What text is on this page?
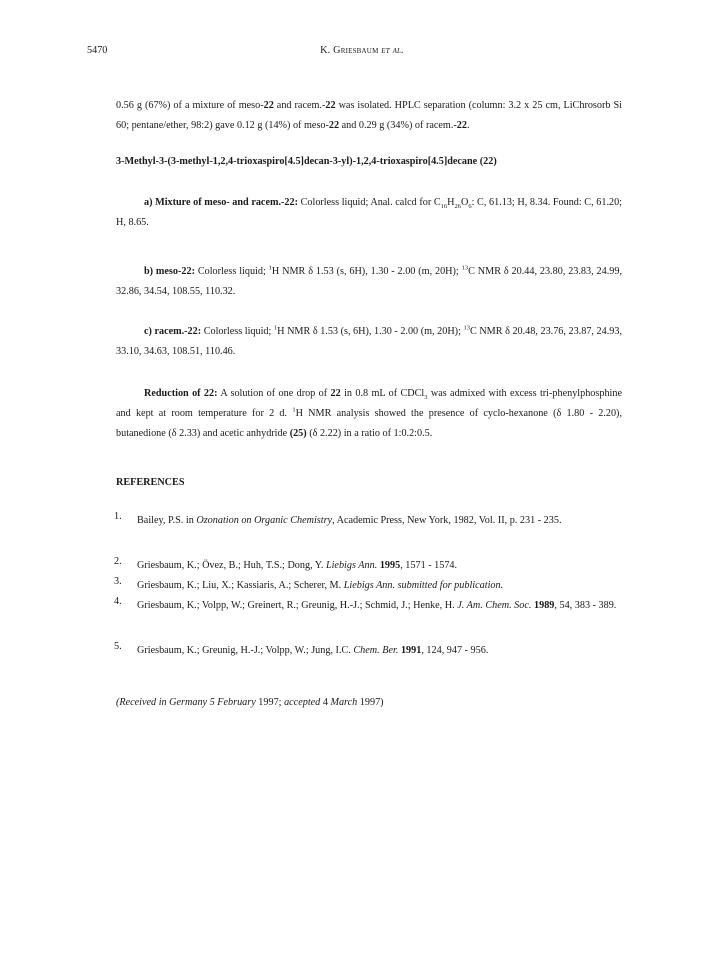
5470	K. Griesbaum et al.

0.56 g (67%) of a mixture of meso-22 and racem.-22 was isolated. HPLC separation (column: 3.2 x 25 cm, LiChrosorb Si 60; pentane/ether, 98:2) gave 0.12 g (14%) of meso-22 and 0.29 g (34%) of racem.-22.

3-Methyl-3-(3-methyl-1,2,4-trioxaspiro[4.5]decan-3-yl)-1,2,4-trioxaspiro[4.5]decane (22)

a) Mixture of meso- and racem.-22: Colorless liquid; Anal. calcd for $C_{16}H_{26}O_6$: C, 61.13; H, 8.34. Found: C, 61.20; H, 8.65.

b) meso-22: Colorless liquid; $^1$H NMR δ 1.53 (s, 6H), 1.30 - 2.00 (m, 20H); $^{13}$C NMR δ 20.44, 23.80, 23.83, 24.99, 32.86, 34.54, 108.55, 110.32.

c) racem.-22: Colorless liquid; $^1$H NMR δ 1.53 (s, 6H), 1.30 - 2.00 (m, 20H); $^{13}$C NMR δ 20.48, 23.76, 23.87, 24.93, 33.10, 34.63, 108.51, 110.46.

Reduction of 22: A solution of one drop of 22 in 0.8 mL of CDCl$_3$ was admixed with excess tri-phenylphosphine and kept at room temperature for 2 d. $^1$H NMR analysis showed the presence of cyclo-hexanone (δ 1.80 - 2.20), butanedione (δ 2.33) and acetic anhydride (25) (δ 2.22) in a ratio of 1:0.2:0.5.

REFERENCES

1.	Bailey, P.S. in Ozonation on Organic Chemistry, Academic Press, New York, 1982, Vol. II, p. 231 - 235.
2.	Griesbaum, K.; Övez, B.; Huh, T.S.; Dong, Y. Liebigs Ann. 1995, 1571 - 1574.
3.	Griesbaum, K.; Liu, X.; Kassiaris, A.; Scherer, M. Liebigs Ann. submitted for publication.
4.	Griesbaum, K.; Volpp, W.; Greinert, R.; Greunig, H.-J.; Schmid, J.; Henke, H. J. Am. Chem. Soc. 1989, 54, 383 - 389.
5.	Griesbaum, K.; Greunig, H.-J.; Volpp, W.; Jung, I.C. Chem. Ber. 1991, 124, 947 - 956.

(Received in Germany 5 February 1997; accepted 4 March 1997)
